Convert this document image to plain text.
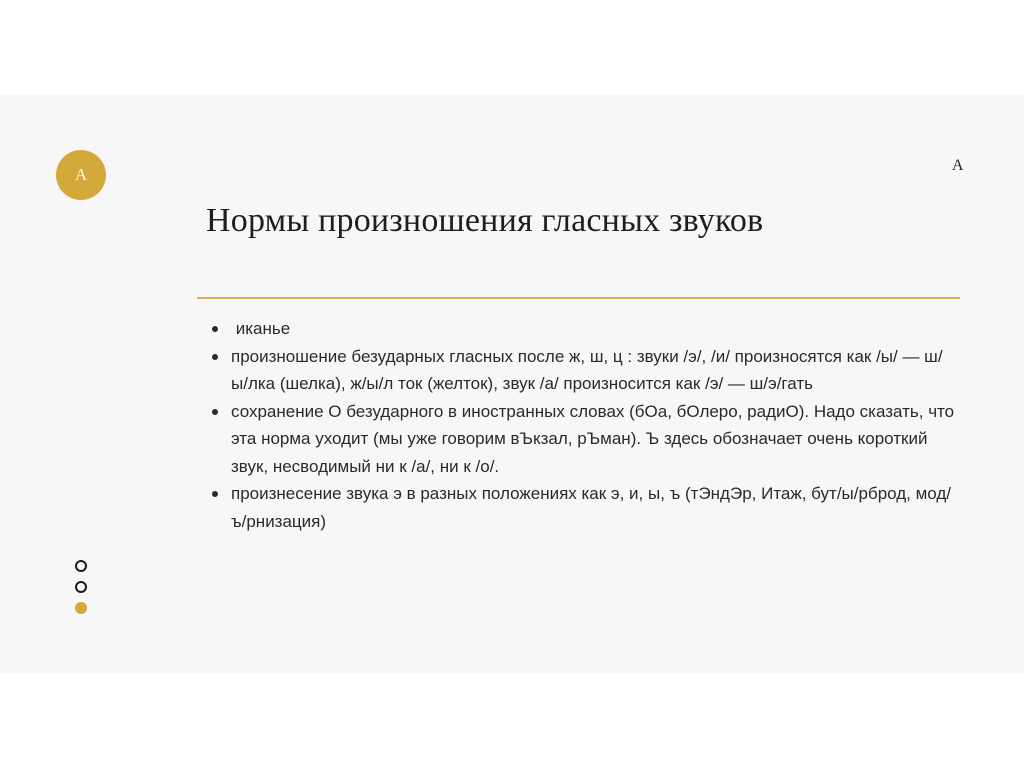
A	A
Нормы произношения гласных звуков
иканье
произношение безударных гласных после ж, ш, ц : звуки /э/, /и/ произносятся как /ы/ — ш/ы/лка (шелка), ж/ы/л ток (желток), звук /а/ произносится как /э/ — ш/э/гать
сохранение О безударного в иностранных словах (бОа, бОлеро, радиО). Надо сказать, что эта норма уходит (мы уже говорим вЪкзал, рЪман). Ъ здесь обозначает очень короткий звук, несводимый ни к /а/, ни к /о/.
произнесение звука э в разных положениях как э, и, ы, ъ (тЭндЭр, Итаж, бут/ы/рброд, мод/ъ/рнизация)
